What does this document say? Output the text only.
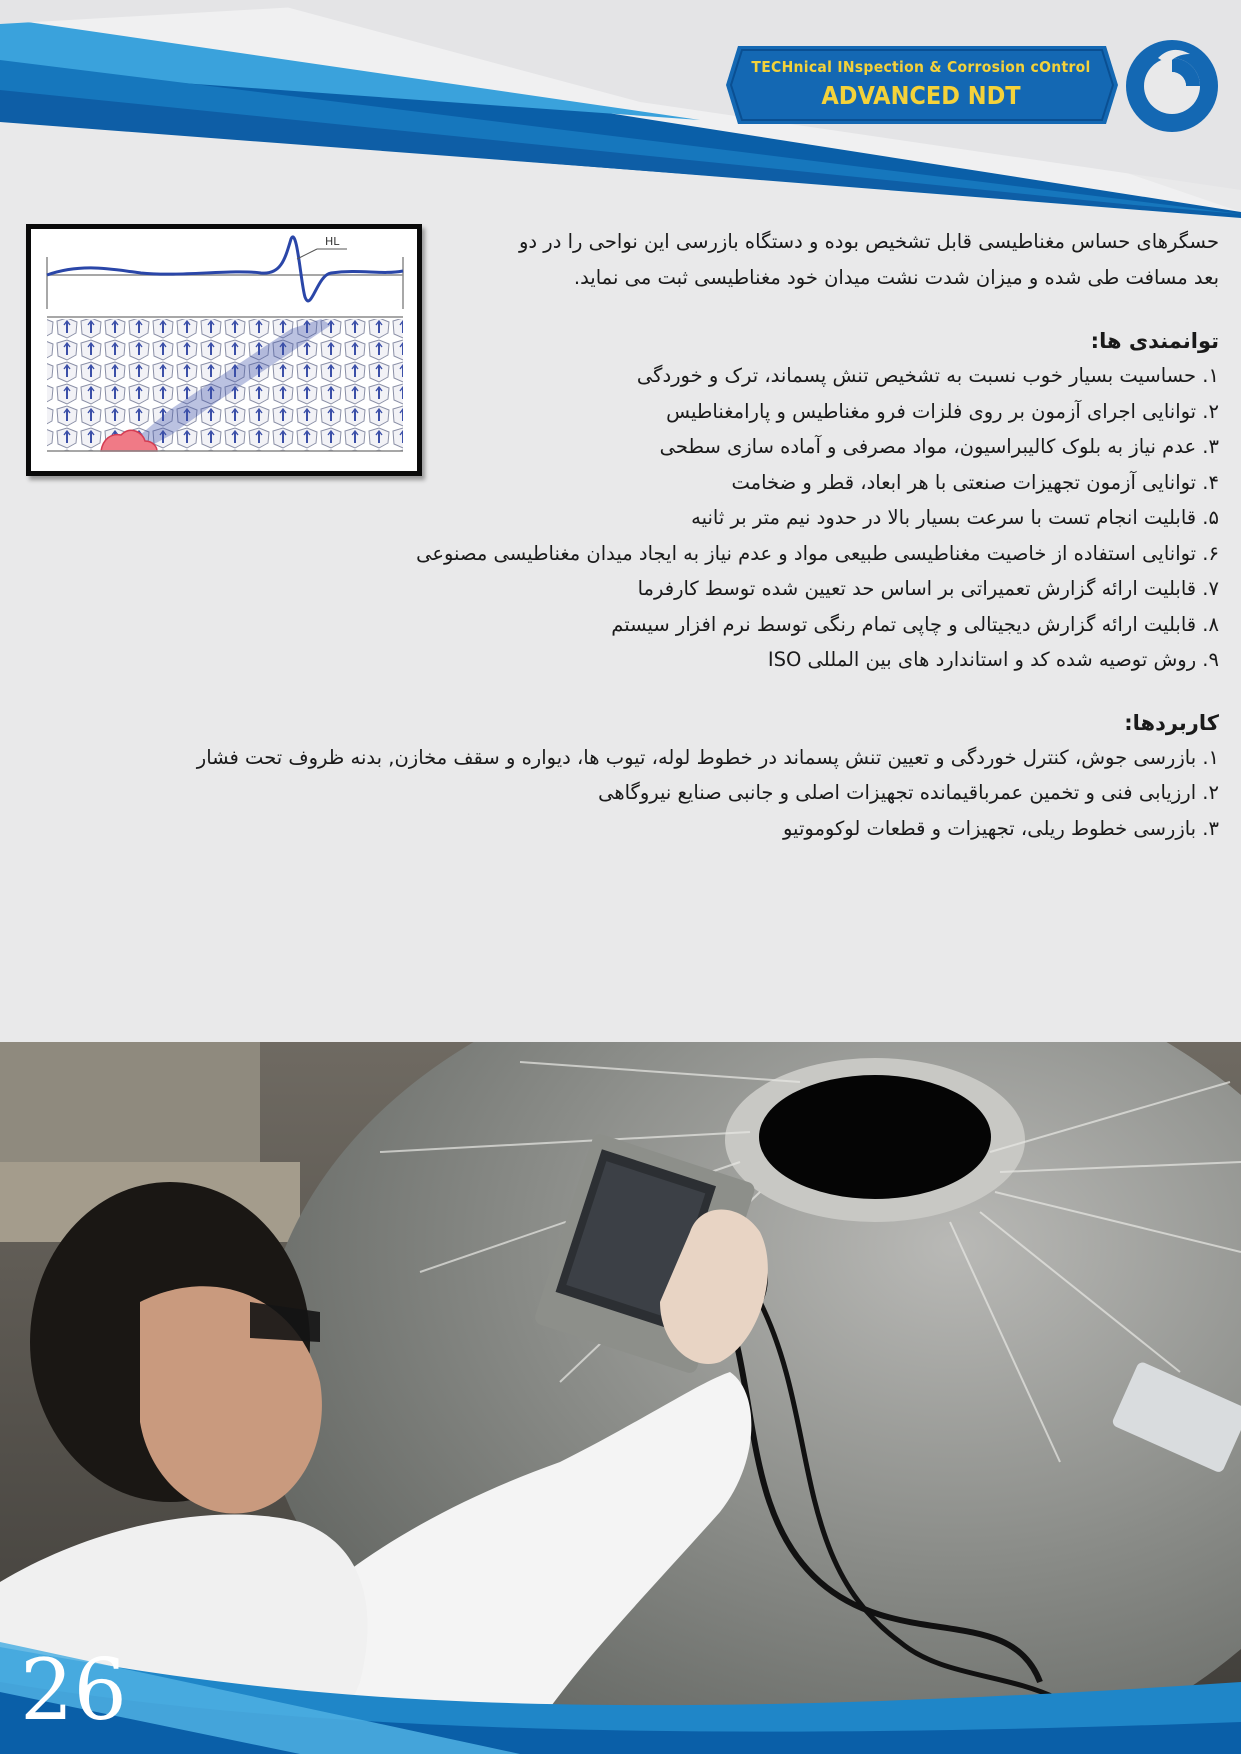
TECHnical INspection & Corrosion cOntrol
ADVANCED NDT
HL	حسگرهای حساس مغناطیسی قابل تشخیص بوده و دستگاه بازرسی این نواحی را در دو
بعد مسافت طی شده و میزان شدت نشت میدان خود مغناطیسی ثبت می نماید.

توانمندی ها:
۱. حساسیت بسیار خوب نسبت به تشخیص تنش پسماند، ترک و خوردگی
۲. توانایی اجرای آزمون بر روی فلزات فرو مغناطیس و پارامغناطیس
۳. عدم نیاز به بلوک کالیبراسیون، مواد مصرفی و آماده سازی سطحی
۴. توانایی آزمون تجهیزات صنعتی با هر ابعاد، قطر و ضخامت
۵. قابلیت انجام تست با سرعت بسیار بالا در حدود نیم متر بر ثانیه
۶. توانایی استفاده از خاصیت مغناطیسی طبیعی مواد و عدم نیاز به ایجاد میدان مغناطیسی مصنوعی
۷. قابلیت ارائه گزارش تعمیراتی بر اساس حد تعیین شده توسط کارفرما
۸. قابلیت ارائه گزارش دیجیتالی و چاپی تمام رنگی توسط نرم افزار سیستم
۹. روش توصیه شده کد و استاندارد های بین المللی ISO
کاربردها:
۱. بازرسی جوش، کنترل خوردگی و تعیین تنش پسماند در خطوط لوله، تیوب ها، دیواره و سقف مخازن, بدنه ظروف تحت فشار
۲. ارزیابی فنی و تخمین عمرباقیمانده تجهیزات اصلی و جانبی صنایع نیروگاهی
۳. بازرسی خطوط ریلی، تجهیزات و قطعات لوکوموتیو
26
